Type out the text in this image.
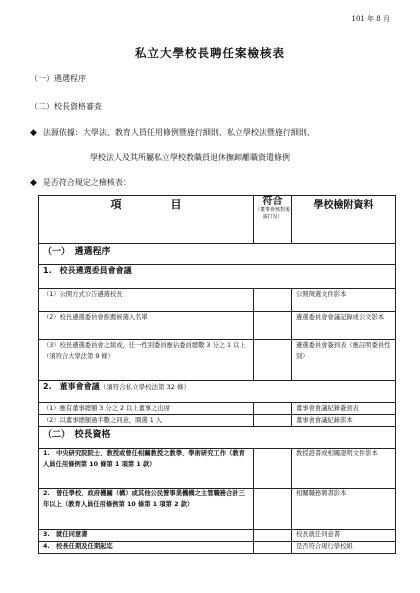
101 年 8 月
私立大學校長聘任案檢核表
（一）遴選程序
（二）校長資格審查
◆ 法源依據：大學法、教育人員任用條例暨施行細則、私立學校法暨施行細則、
學校法人及其所屬私立學校教職員退休撫卹離職資遣條例
◆ 是否符合規定之檢核表：
項 目	符合
（董事會核對後請打勾）	學校檢附資料
（一）　遴選程序		
1.　校長遴選委員會會議		
（1）公開方式公告遴選校長		公開徵選文件影本
（2）校長遴選委員會推薦候選人名單		遴選委員會會議記錄或公文影本
（3）校長遴選委員會之組成，任一性別委員應佔委員總數 3 分之 1 以上（須符合大學法第 9 條）		遴選委員會簽到表（應註明委員性別）
2.　董事會會議（須符合私立學校法第 32 條）		
（1）應有董事總額 3 分之 2 以上董事之出席		董事會會議紀錄簽到表
（2）以董事總額過半數之同意，圈選 1 人		董事會會議紀錄影本
（二）　校長資格		
1.　中央研究院院士、教授或曾任相關教授之教學、學術研究工作（教育人員任用條例第 10 條第 1 項第 1 款）		教授證書或相關證明文件影本
2.　曾任學校、政府機關（構）或其他公民營事業機構之主管職務合計三年以上（教育人員任用條例第 10 條第 1 項第 2 款）		相關職務聘書影本
3.　就任同意書		校長就任同意書
4.　校長任期及任期起迄		是否符合現行學校組
